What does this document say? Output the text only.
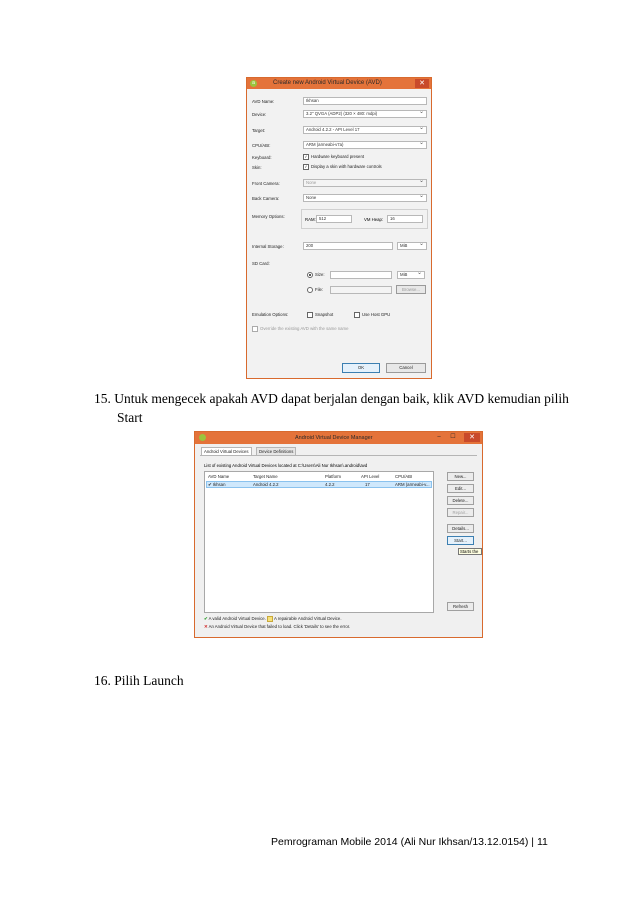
a	Create new Android Virtual Device (AVD)	✕
AVD Name:	Ikhsan
Device:	3.2" QVGA (ADP2) (320 × 480: mdpi) ⌄
Target:	Android 4.2.2 - API Level 17 ⌄
CPU/ABI:	ARM (armeabi-v7a) ⌄
Keyboard:	✓ Hardware keyboard present
Skin:	✓ Display a skin with hardware controls
Front Camera:	None ⌄
Back Camera:	None ⌄
Memory Options:
RAM: 512	VM Heap:	16
Internal Storage:	200	MiB ⌄
SD Card:
Size:	MiB ⌄
File:	Browse...
Emulation Options:	Snapshot	Use Host GPU
Override the existing AVD with the same name
OK	Cancel
15. Untuk mengecek apakah AVD dapat berjalan dengan baik, klik AVD kemudian pilih
Start
Android Virtual Device Manager	–	☐	✕
Android Virtual Devices	Device Definitions
List of existing Android Virtual Devices located at C:\Users\Ali Nur Ikhsan\.android\avd
AVD Name	Target Name	Platform	API Level	CPU/ABI
✔ Ikhsan	Android 4.2.2	4.2.2	17	ARM (armeabi-v...
New...
Edit...
Delete...
Repair...
Details...
Start...
Starts the
Refresh
✔ A valid Android Virtual Device. A repairable Android Virtual Device.
✕ An Android Virtual Device that failed to load. Click 'Details' to see the error.
16. Pilih Launch
Pemrograman Mobile 2014 (Ali Nur Ikhsan/13.12.0154) | 11
